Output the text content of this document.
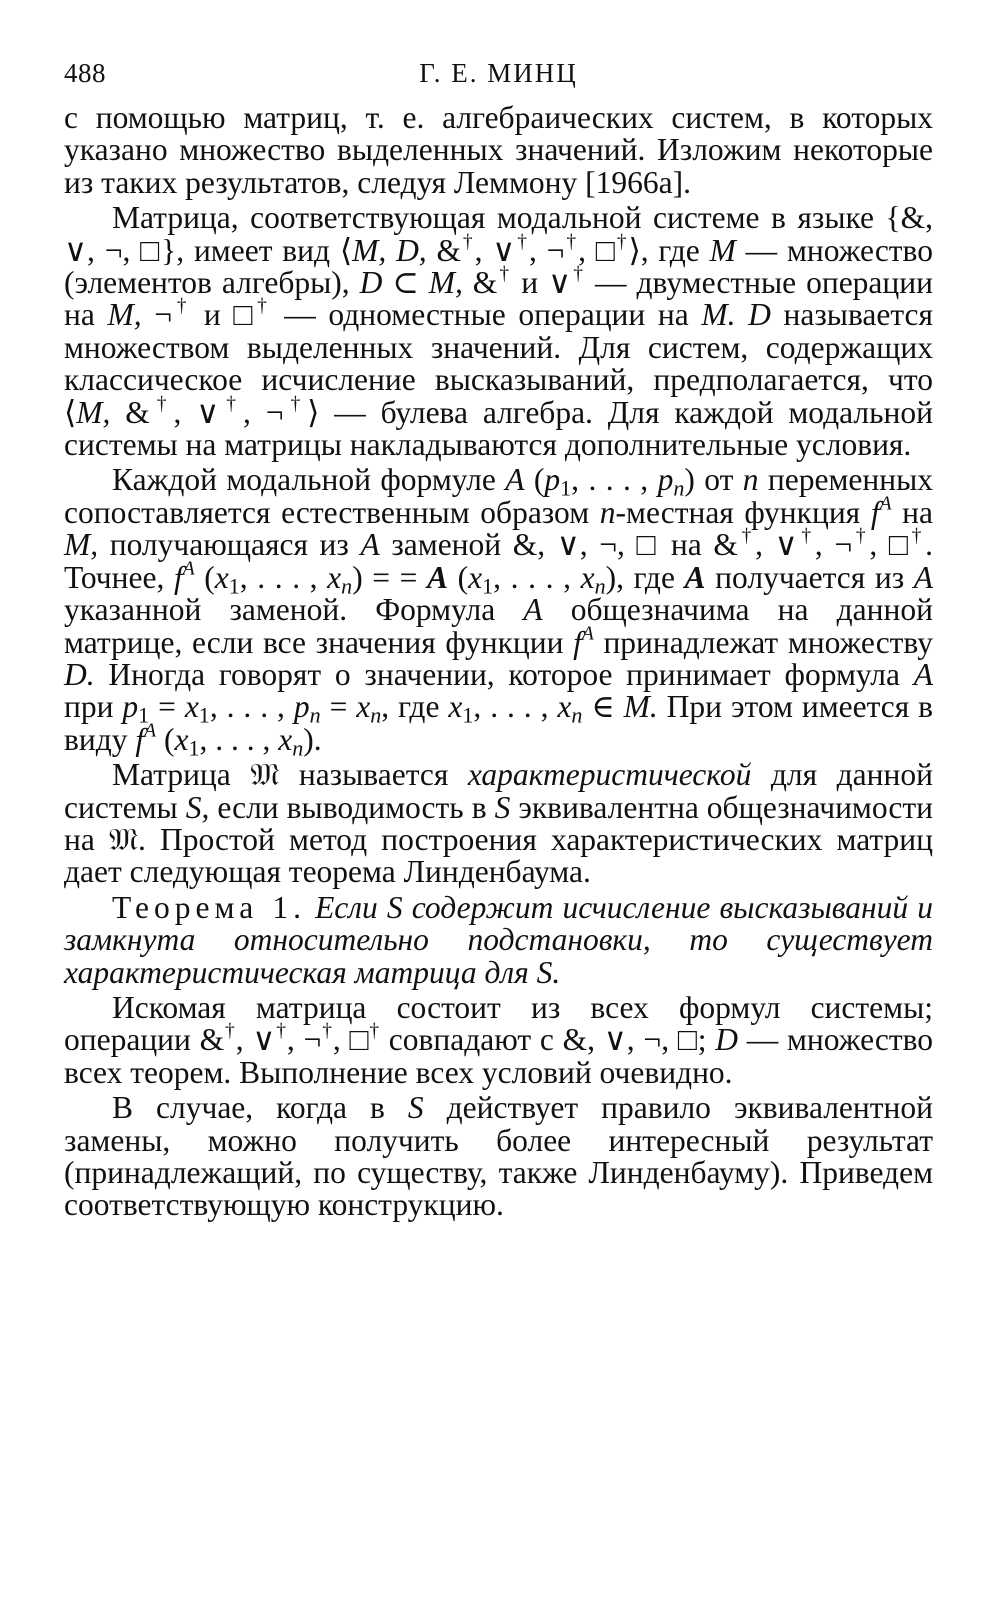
488	Г. Е. МИНЦ

с помощью матриц, т. е. алгебраических систем, в которых указано множество выделенных значений. Изложим некоторые из таких результатов, следуя Леммону [1966а].

Матрица, соответствующая модальной системе в языке {&, ∨, ¬, □}, имеет вид ⟨M, D, &†, ∨†, ¬†, □†⟩, где M — множество (элементов алгебры), D ⊂ M, &† и ∨† — двуместные операции на M, ¬† и □† — одноместные операции на M. D называется множеством выделенных значений. Для систем, содержащих классическое исчисление высказываний, предполагается, что ⟨M, &†, ∨†, ¬†⟩ — булева алгебра. Для каждой модальной системы на матрицы накладываются дополнительные условия.

Каждой модальной формуле A ($p_1$, . . . , $p_n$) от n переменных сопоставляется естественным образом n-местная функция $f^A$ на M, получающаяся из A заменой &, ∨, ¬, □ на &†, ∨†, ¬†, □†. Точнее, $f^A$ ($x_1$, . . . , $x_n$) = = A ($x_1$, . . . , $x_n$), где A получается из A указанной заменой. Формула A общезначима на данной матрице, если все значения функции $f^A$ принадлежат множеству D. Иногда говорят о значении, которое принимает формула A при $p_1 = x_1$, . . . , $p_n = x_n$, где $x_1$, . . . , $x_n$ ∈ M. При этом имеется в виду $f^A$ ($x_1$, . . . , $x_n$).

Матрица 𝔐 называется характеристической для данной системы S, если выводимость в S эквивалентна общезначимости на 𝔐. Простой метод построения характеристических матриц дает следующая теорема Линденбаума.

Теорема 1. Если S содержит исчисление высказываний и замкнута относительно подстановки, то существует характеристическая матрица для S.

Искомая матрица состоит из всех формул системы; операции &†, ∨†, ¬†, □† совпадают с &, ∨, ¬, □; D — множество всех теорем. Выполнение всех условий очевидно.

В случае, когда в S действует правило эквивалентной замены, можно получить более интересный результат (принадлежащий, по существу, также Линденбауму). Приведем соответствующую конструкцию.
